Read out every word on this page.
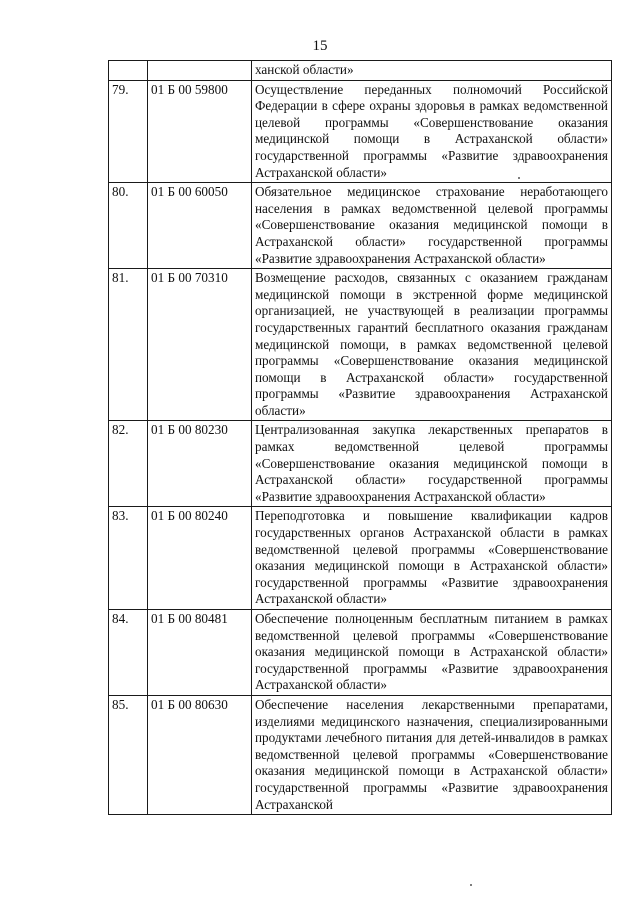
15
		ханской области»
79.	01 Б 00 59800	Осуществление переданных полномочий Российской Федерации в сфере охраны здоровья в рамках ведомственной целевой программы «Совершенствование оказания медицинской помощи в Астраханской области» государственной программы «Развитие здравоохранения Астраханской области»
80.	01 Б 00 60050	Обязательное медицинское страхование неработающего населения в рамках ведомственной целевой программы «Совершенствование оказания медицинской помощи в Астраханской области» государственной программы «Развитие здравоохранения Астраханской области»
81.	01 Б 00 70310	Возмещение расходов, связанных с оказанием гражданам медицинской помощи в экстренной форме медицинской организацией, не участвующей в реализации программы государственных гарантий бесплатного оказания гражданам медицинской помощи, в рамках ведомственной целевой программы «Совершенствование оказания медицинской помощи в Астраханской области» государственной программы «Развитие здравоохранения Астраханской области»
82.	01 Б 00 80230	Централизованная закупка лекарственных препаратов в рамках ведомственной целевой программы «Совершенствование оказания медицинской помощи в Астраханской области» государственной программы «Развитие здравоохранения Астраханской области»
83.	01 Б 00 80240	Переподготовка и повышение квалификации кадров государственных органов Астраханской области в рамках ведомственной целевой программы «Совершенствование оказания медицинской помощи в Астраханской области» государственной программы «Развитие здравоохранения Астраханской области»
84.	01 Б 00 80481	Обеспечение полноценным бесплатным питанием в рамках ведомственной целевой программы «Совершенствование оказания медицинской помощи в Астраханской области» государственной программы «Развитие здравоохранения Астраханской области»
85.	01 Б 00 80630	Обеспечение населения лекарственными препаратами, изделиями медицинского назначения, специализированными продуктами лечебного питания для детей-инвалидов в рамках ведомственной целевой программы «Совершенствование оказания медицинской помощи в Астраханской области» государственной программы «Развитие здравоохранения Астраханской
